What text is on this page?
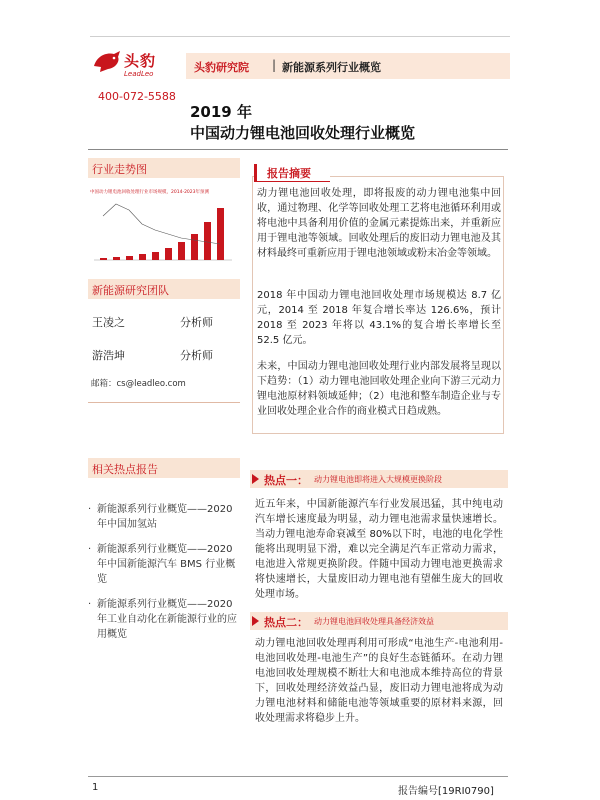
头豹
LeadLeo	头豹研究院 | 新能源系列行业概览
400-072-5588
2019 年
中国动力锂电池回收处理行业概览
行业走势图
中国动力锂电池回收处理行业市场规模，2014-2023年预测
新能源研究团队
王凌之	分析师
游浩坤	分析师
邮箱：cs@leadleo.com
相关热点报告
· 新能源系列行业概览——2020 年中国加氢站
· 新能源系列行业概览——2020 年中国新能源汽车 BMS 行业概览
· 新能源系列行业概览——2020 年工业自动化在新能源行业的应用概览
报告摘要
动力锂电池回收处理，即将报废的动力锂电池集中回收，通过物理、化学等回收处理工艺将电池循环利用或将电池中具备利用价值的金属元素提炼出来，并重新应用于锂电池等领域。回收处理后的废旧动力锂电池及其材料最终可重新应用于锂电池领域或粉末冶金等领域。
2018 年中国动力锂电池回收处理市场规模达 8.7 亿元，2014 至 2018 年复合增长率达 126.6%，预计 2018 至 2023 年将以 43.1%的复合增长率增长至 52.5 亿元。
未来，中国动力锂电池回收处理行业内部发展将呈现以下趋势：（1）动力锂电池回收处理企业向下游三元动力锂电池原材料领域延伸；（2）电池和整车制造企业与专业回收处理企业合作的商业模式日趋成熟。
热点一： 动力锂电池即将进入大规模更换阶段
近五年来，中国新能源汽车行业发展迅猛，其中纯电动汽车增长速度最为明显，动力锂电池需求量快速增长。当动力锂电池寿命衰减至 80%以下时，电池的电化学性能将出现明显下滑，难以完全满足汽车正常动力需求，电池进入常规更换阶段。伴随中国动力锂电池更换需求将快速增长，大量废旧动力锂电池有望催生庞大的回收处理市场。
热点二： 动力锂电池回收处理具备经济效益
动力锂电池回收处理再利用可形成“电池生产-电池利用-电池回收处理-电池生产”的良好生态链循环。在动力锂电池回收处理规模不断壮大和电池成本维持高位的背景下，回收处理经济效益凸显，废旧动力锂电池将成为动力锂电池材料和储能电池等领域重要的原材料来源，回收处理需求将稳步上升。
1	报告编号[19RI0790]
